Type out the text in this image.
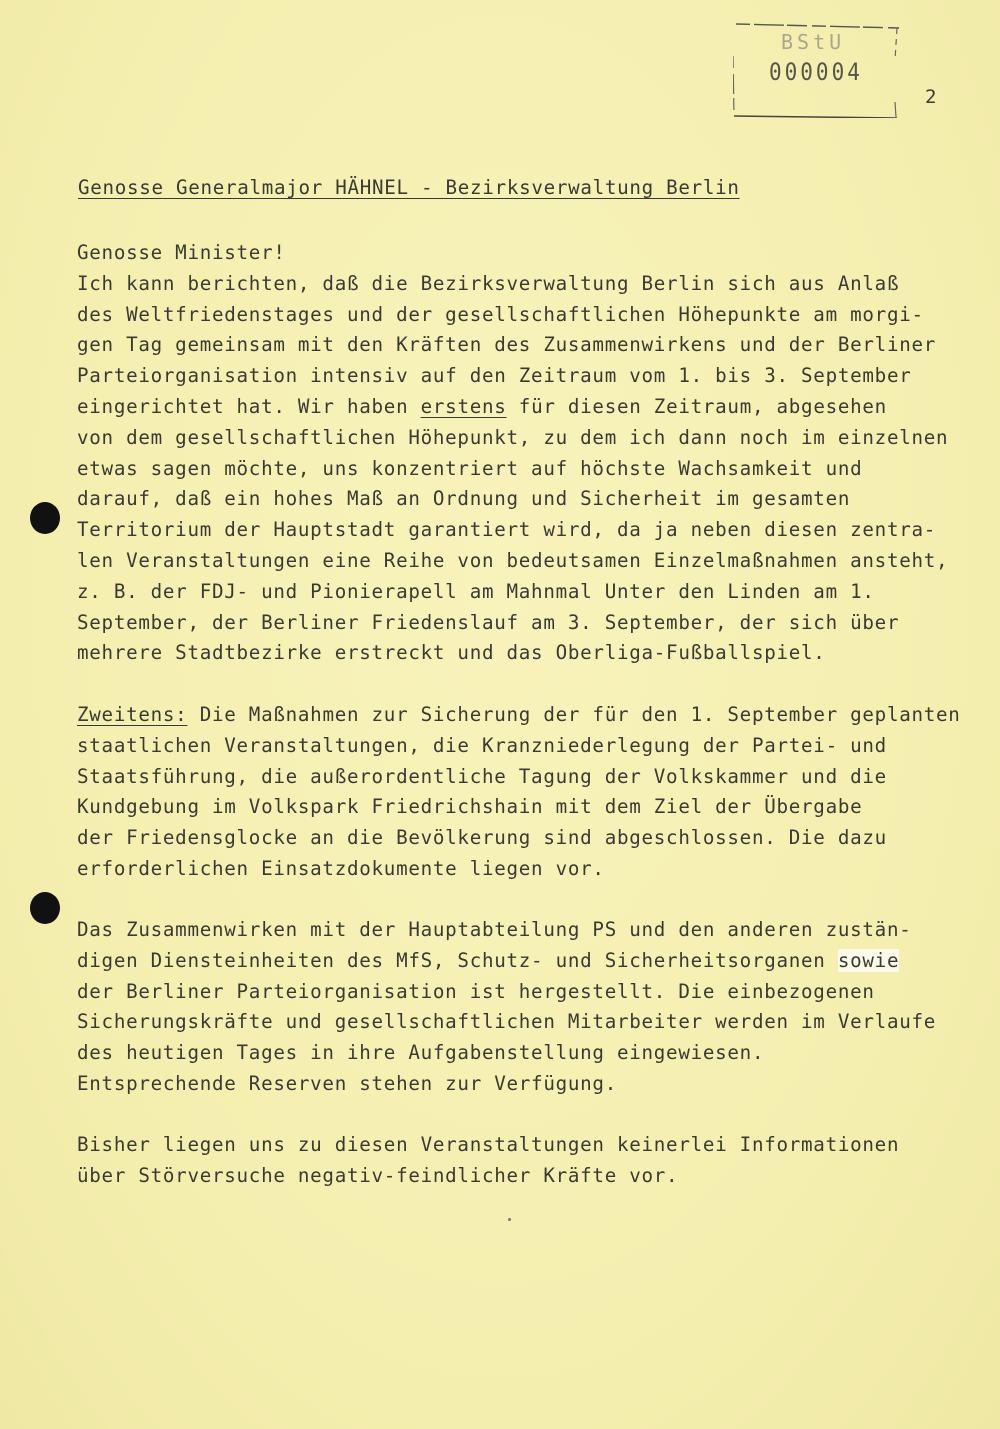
BStU
000004
2
Genosse Generalmajor HÄHNEL - Bezirksverwaltung Berlin
Genosse Minister!
Ich kann berichten, daß die Bezirksverwaltung Berlin sich aus Anlaß
des Weltfriedenstages und der gesellschaftlichen Höhepunkte am morgi-
gen Tag gemeinsam mit den Kräften des Zusammenwirkens und der Berliner
Parteiorganisation intensiv auf den Zeitraum vom 1. bis 3. September
eingerichtet hat. Wir haben erstens für diesen Zeitraum, abgesehen
von dem gesellschaftlichen Höhepunkt, zu dem ich dann noch im einzelnen
etwas sagen möchte, uns konzentriert auf höchste Wachsamkeit und
darauf, daß ein hohes Maß an Ordnung und Sicherheit im gesamten
Territorium der Hauptstadt garantiert wird, da ja neben diesen zentra-
len Veranstaltungen eine Reihe von bedeutsamen Einzelmaßnahmen ansteht,
z. B. der FDJ- und Pionierapell am Mahnmal Unter den Linden am 1.
September, der Berliner Friedenslauf am 3. September, der sich über
mehrere Stadtbezirke erstreckt und das Oberliga-Fußballspiel.
Zweitens: Die Maßnahmen zur Sicherung der für den 1. September geplanten
staatlichen Veranstaltungen, die Kranzniederlegung der Partei- und
Staatsführung, die außerordentliche Tagung der Volkskammer und die
Kundgebung im Volkspark Friedrichshain mit dem Ziel der Übergabe
der Friedensglocke an die Bevölkerung sind abgeschlossen. Die dazu
erforderlichen Einsatzdokumente liegen vor.
Das Zusammenwirken mit der Hauptabteilung PS und den anderen zustän-
digen Diensteinheiten des MfS, Schutz- und Sicherheitsorganen sowie
der Berliner Parteiorganisation ist hergestellt. Die einbezogenen
Sicherungskräfte und gesellschaftlichen Mitarbeiter werden im Verlaufe
des heutigen Tages in ihre Aufgabenstellung eingewiesen.
Entsprechende Reserven stehen zur Verfügung.
Bisher liegen uns zu diesen Veranstaltungen keinerlei Informationen
über Störversuche negativ-feindlicher Kräfte vor.
